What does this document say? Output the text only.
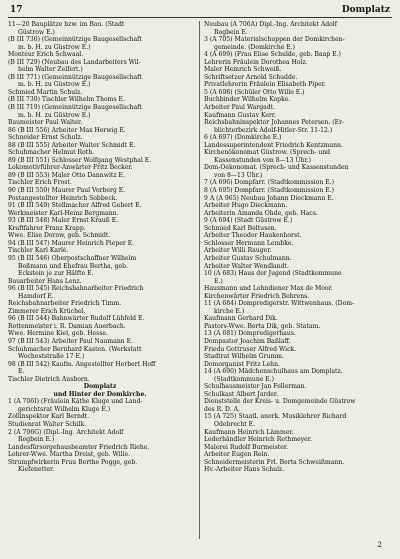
17	Domplatz
11—20 Bauplätze bzw. im Bau. (Stadt
Güstrow E.)
(B III 730) (Gemeinnützige Baugesellschaft
m. b. H. zu Güstrow E.)
Monteur Erich Schwaal.
(B III 729) (Neubau des Landarbeiters Wil-
helm Walter Zelfert.)
(B III 771) (Gemeinnützige Baugesellschaft
m. b. H. zu Güstrow E.)
Schmied Martin Schulz.
(B III 730) Tischler Wilhelm Thoms E.
(B III 719) (Gemeinnützige Baugesellschaft
m. b. H. zu Güstrow E.)
Baumeister Paul Walter.
86 (B III 556) Arbeiter Max Herwig E.
Schneider Ernst Schulz.
88 (B III 555) Arbeiter Walter Schmidt E.
Schuhmacher Helmut Roth.
89 (B III 551) Schlosser Wolfgang Westphal E.
Lokomotivführer-Anwärter Fritz Becker.
89 (B III 553) Maler Otto Dannwitz E.
Tischler Erich Frost.
90 (B III 550) Maurer Paul Vorberg E.
Postangestellter Heinrich Sobbeck.
91 (B III 549) Stellmacher Alfred Gebert E.
Werkmeister Karl-Heinz Bergmann.
93 (B III 548) Maler Ernst Krauß E.
Kraftfahrer Franz Krapp.
Wwe. Elise Dorow, geb. Schmidt.
94 (B III 547) Maurer Heinrich Pieper E.
Tischler Karl Karlé.
95 (B III 546) Oberpostschaffner Wilhelm
Boßmann und Ehefrau Bertha, geb.
Eckstein je zur Hälfte E.
Bauarbeiter Hans Lenz.
96 (B III 545) Reichsbahnarbeiter Friedrich
Hamdorf E.
Reichsbahnarbeiter Friedrich Timm.
Zimmerer Erich Krüchel.
96 (B III 544) Bahnwärter Rudolf Lühfeld E.
Rottenmeister i. R. Damian Auerbach.
Wwe. Hermine Kiel, geb. Hesse.
97 (B III 543) Arbeiter Paul Naumann E.
Schuhmacher Bernhard Kasten. (Werkstatt
Wocheststraße 17 E.)
98 (B III 542) Kaufm. Angestellter Herbert Hoff
E.
Tischler Dietrich Ausborn.
Domplatz
und Hinter der Domkirche.
1 (A 706I) (Fräulein Käthe Kluge und Land-
gerichtsrat Wilhelm Kluge E.)
Zollinspektor Karl Berndt.
Studienrat Walter Schilk.
2 (A 706G) (Dipl.-Ing. Architekt Adolf
Rogbein E.)
Landesfürsorgehausbeamter Friedrich Riehe.
Lehrer-Wwe. Martha Dreist, geb. Wille.
Strumpfwirkerin Frau Berthe Pogge, geb.
Kiefenetter.
Neubau (A 706A) Dipl.-Ing. Architekt Adolf
Rogbein E.
3 (A 705) Materialschuppen der Domkirchen-
gemeinde. (Domkirche E.)
4 (A 699) (Frau Elise Schulde, geb. Baap E.)
Lehrerin Fräulein Dorothea Holz.
Maler Heinrich Schweiß.
Schriftsetzer Arnold Schudde.
Privatlehrerin Fräulein Elisabeth Piper.
5 (A 698) (Schüler Otto Wille E.)
Buchbinder Wilhelm Kopke.
Arbeiter Paul Wargadt.
Kaufmann Gustav Kerr.
Reichsbahninspektor Johannes Petersen. (Er-
blichterbezirk Adolf-Hitler-Str. 11-12.)
6 (A 697) (Domkirche E.)
Landessuperintendent Friedrich Kentzmann.
Kirchenökonomat Güstrow. (Sprech- und
Kassenstunden von 8—13 Uhr.)
Dom-Oekonomat. (Sprech- und Kassenstunden
von 8—13 Uhr.)
7 (A 696) Dompfarr. (Stadtkommission E.)
8 (A 695) Dompfarr. (Stadtkommission E.)
9 A (A 965) Neubau Johann Dieckmann E.
Arbeiter Hugo Dieckmann.
Arbeiterin Amanda Ohde, geb. Hacs.
9 (A 694) (Stadt Güstrow E.)
Schmied Karl Beltusen.
Arbeiter Theodor Haukenhorst.
Schlosser Hermann Lembke.
Arbeiter Willi Rauger.
Arbeiter Gustav Schulmann.
Arbeiter Walter Wendlandt.
10 (A 683) Haus der Jugend (Stadtkommune
E.)
Hausmann und Lohndiener Max de Moor.
Kirchenwärter Friedrich Behrens.
11 (A 684) Dompredigerstr. Wittwenhaus. (Dom-
kirche E.)
Kaufmann Gerhard Dik.
Pastors-Wwe. Berta Dik, geb. Statam.
13 (A 681) Dompredigerhaus.
Dompastor Joachim Baßlaff.
Frieda Gottruser Alfred Wick.
Stadtrat Wilhelm Grumm.
Domorganist Fritz Lehn.
14 (A 690) Mädchenschulhaus am Domplatz.
(Stadtkommune E.)
Schulhausmeister Jan Fellerman.
Schulkast Albert Jarder.
Dienststelle der Kreis- u. Domgemeinde Güstrow
des R. D. A.
15 (A 725) Staatl. anerk. Musiklehrer Richard
Odebrecht E.
Kaufmann Heinrich Lämmer.
Lederhändler Heinrich Rethmeyer.
Malerei Rudolf Burmeister.
Arbeiter Eugen Rein.
Schneidermeisterin Frl. Berta Schweißmann.
Hv.-Arbeiter Hans Schulz.
2
